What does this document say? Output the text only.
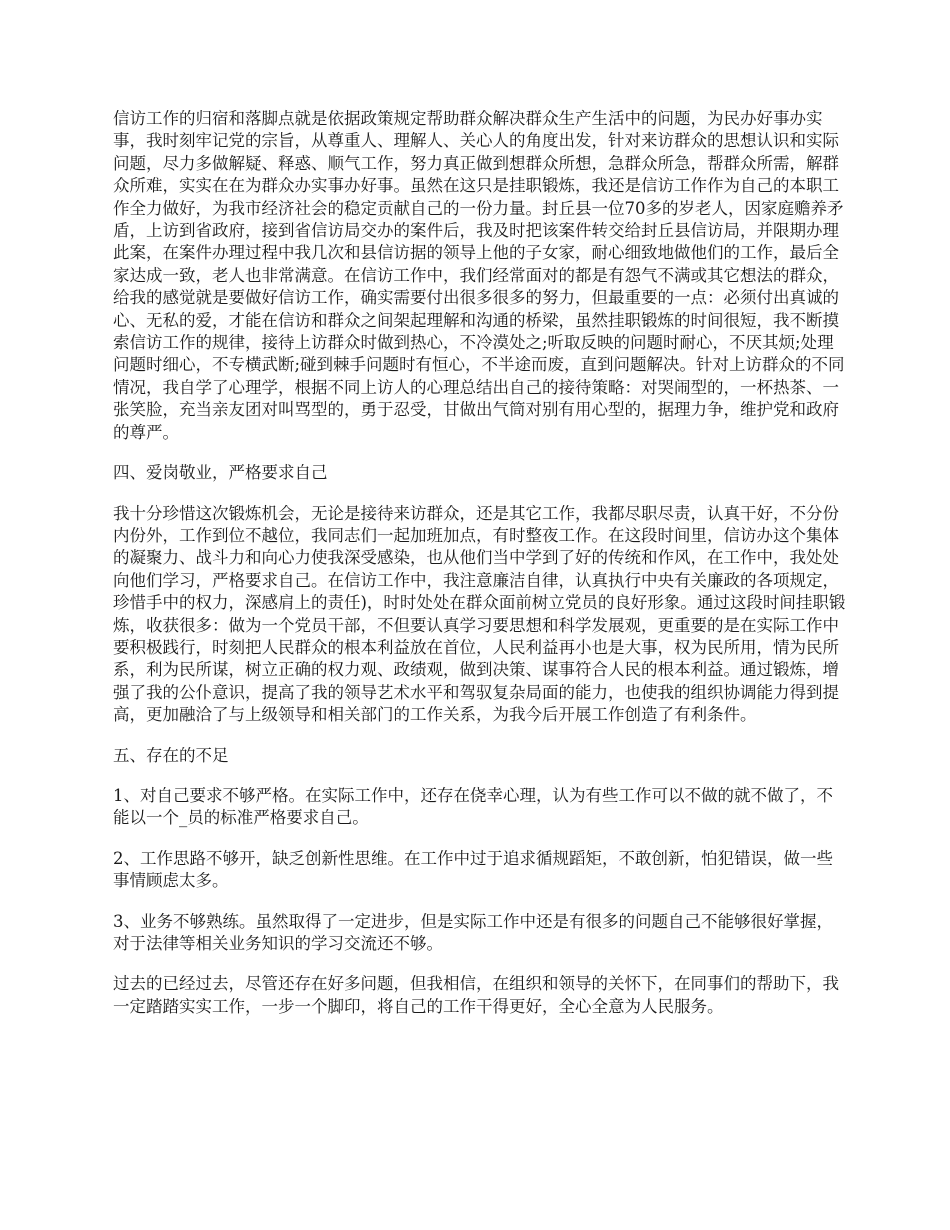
信访工作的归宿和落脚点就是依据政策规定帮助群众解决群众生产生活中的问题，为民办好事办实事，我时刻牢记党的宗旨，从尊重人、理解人、关心人的角度出发，针对来访群众的思想认识和实际问题，尽力多做解疑、释惑、顺气工作，努力真正做到想群众所想，急群众所急，帮群众所需，解群众所难，实实在在为群众办实事办好事。虽然在这只是挂职锻炼，我还是信访工作作为自己的本职工作全力做好，为我市经济社会的稳定贡献自己的一份力量。封丘县一位70多的岁老人，因家庭赡养矛盾，上访到省政府，接到省信访局交办的案件后，我及时把该案件转交给封丘县信访局，并限期办理此案，在案件办理过程中我几次和县信访据的领导上他的子女家，耐心细致地做他们的工作，最后全家达成一致，老人也非常满意。在信访工作中，我们经常面对的都是有怨气不满或其它想法的群众，给我的感觉就是要做好信访工作，确实需要付出很多很多的努力，但最重要的一点：必须付出真诚的心、无私的爱，才能在信访和群众之间架起理解和沟通的桥梁，虽然挂职锻炼的时间很短，我不断摸索信访工作的规律，接待上访群众时做到热心，不冷漠处之;听取反映的问题时耐心，不厌其烦;处理问题时细心，不专横武断;碰到棘手问题时有恒心，不半途而废，直到问题解决。针对上访群众的不同情况，我自学了心理学，根据不同上访人的心理总结出自己的接待策略：对哭闹型的，一杯热茶、一张笑脸，充当亲友团对叫骂型的，勇于忍受，甘做出气筒对别有用心型的，据理力争，维护党和政府的尊严。

四、爱岗敬业，严格要求自己

我十分珍惜这次锻炼机会，无论是接待来访群众，还是其它工作，我都尽职尽责，认真干好，不分份内份外，工作到位不越位，我同志们一起加班加点，有时整夜工作。在这段时间里，信访办这个集体的凝聚力、战斗力和向心力使我深受感染，也从他们当中学到了好的传统和作风，在工作中，我处处向他们学习，严格要求自己。在信访工作中，我注意廉洁自律，认真执行中央有关廉政的各项规定，珍惜手中的权力，深感肩上的责任)，时时处处在群众面前树立党员的良好形象。通过这段时间挂职锻炼，收获很多：做为一个党员干部，不但要认真学习要思想和科学发展观，更重要的是在实际工作中要积极践行，时刻把人民群众的根本利益放在首位，人民利益再小也是大事，权为民所用，情为民所系，利为民所谋，树立正确的权力观、政绩观，做到决策、谋事符合人民的根本利益。通过锻炼，增强了我的公仆意识，提高了我的领导艺术水平和驾驭复杂局面的能力，也使我的组织协调能力得到提高，更加融洽了与上级领导和相关部门的工作关系，为我今后开展工作创造了有利条件。

五、存在的不足

1、对自己要求不够严格。在实际工作中，还存在侥幸心理，认为有些工作可以不做的就不做了，不能以一个_员的标准严格要求自己。

2、工作思路不够开，缺乏创新性思维。在工作中过于追求循规蹈矩，不敢创新，怕犯错误，做一些事情顾虑太多。

3、业务不够熟练。虽然取得了一定进步，但是实际工作中还是有很多的问题自己不能够很好掌握，对于法律等相关业务知识的学习交流还不够。

过去的已经过去，尽管还存在好多问题，但我相信，在组织和领导的关怀下，在同事们的帮助下，我一定踏踏实实工作，一步一个脚印，将自己的工作干得更好，全心全意为人民服务。
